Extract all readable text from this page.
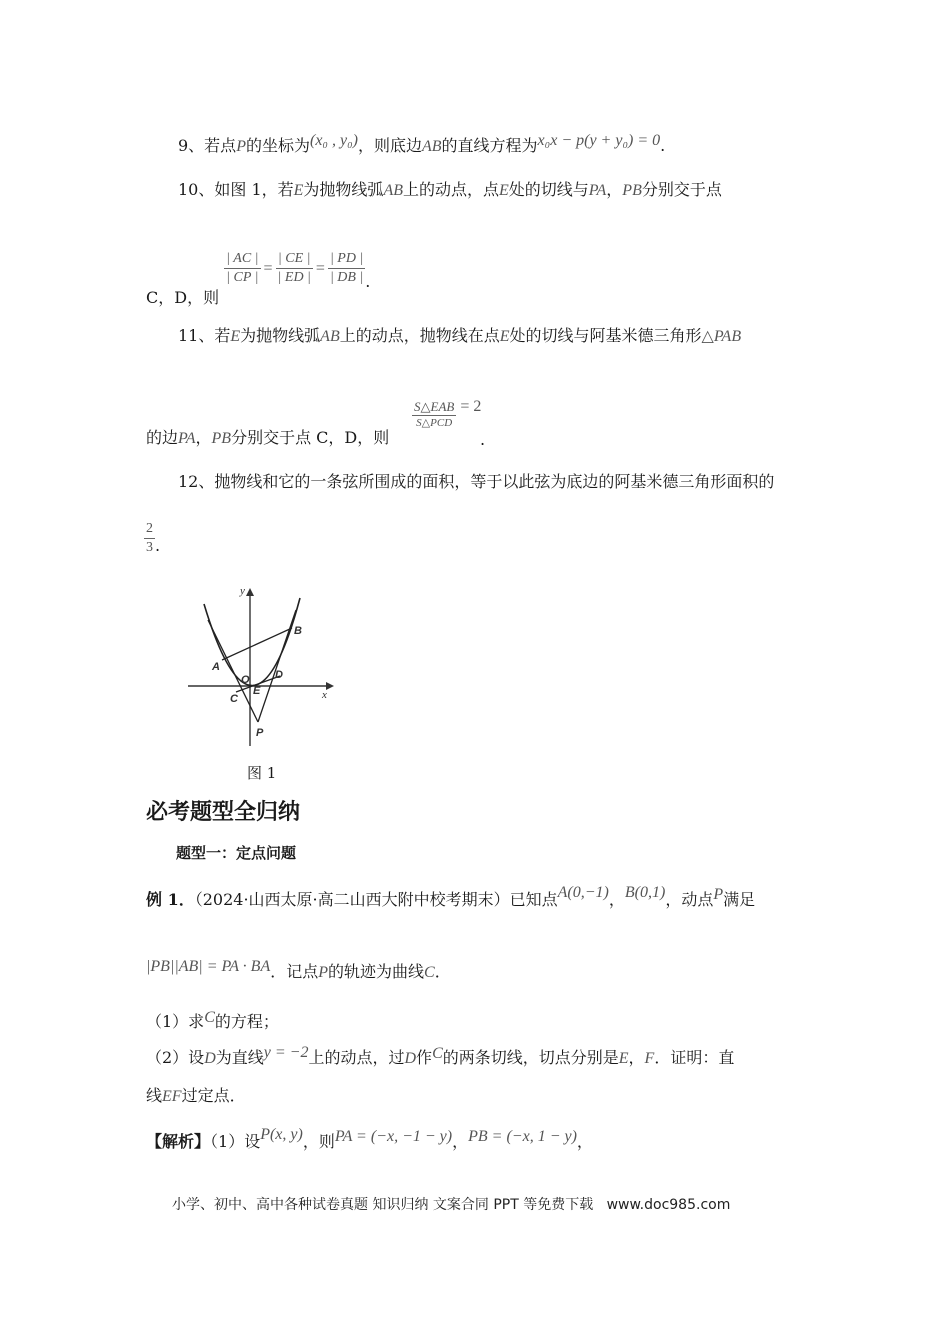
9、若点P的坐标为(x₀ , y₀)，则底边AB的直线方程为x₀x − p(y + y₀) = 0.
10、如图 1，若E为抛物线弧AB上的动点，点E处的切线与PA，PB分别交于点
C，D，则
$\frac{| AC |}{| CP |} = \frac{| CE |}{| ED |} = \frac{| PD |}{| DB |}$ .
11、若E为抛物线弧AB上的动点，抛物线在点E处的切线与阿基米德三角形△PAB
的边PA，PB分别交于点 C，D，则
$\frac{\text{S△EAB}}{\text{S△PCD}} = 2$
.
12、抛物线和它的一条弦所围成的面积，等于以此弦为底边的阿基米德三角形面积的
$\frac{2}{3}$ .
y
x
A
B
O
C
E
D
P
图 1
必考题型全归纳
题型一：定点问题
例 1．（2024·山西太原·高二山西大附中校考期末）已知点A(0,−1)，B(0,1)，动点P满足
|PB||AB| = PA · BA．记点P的轨迹为曲线C．
（1）求C的方程；
（2）设D为直线y = −2上的动点，过D作C的两条切线，切点分别是E，F．证明：直
线EF过定点．
【解析】（1）设P(x, y)，则PA = (−x, −1 − y)，PB = (−x, 1 − y)，
小学、初中、高中各种试卷真题 知识归纳 文案合同 PPT 等免费下载 www.doc985.com
